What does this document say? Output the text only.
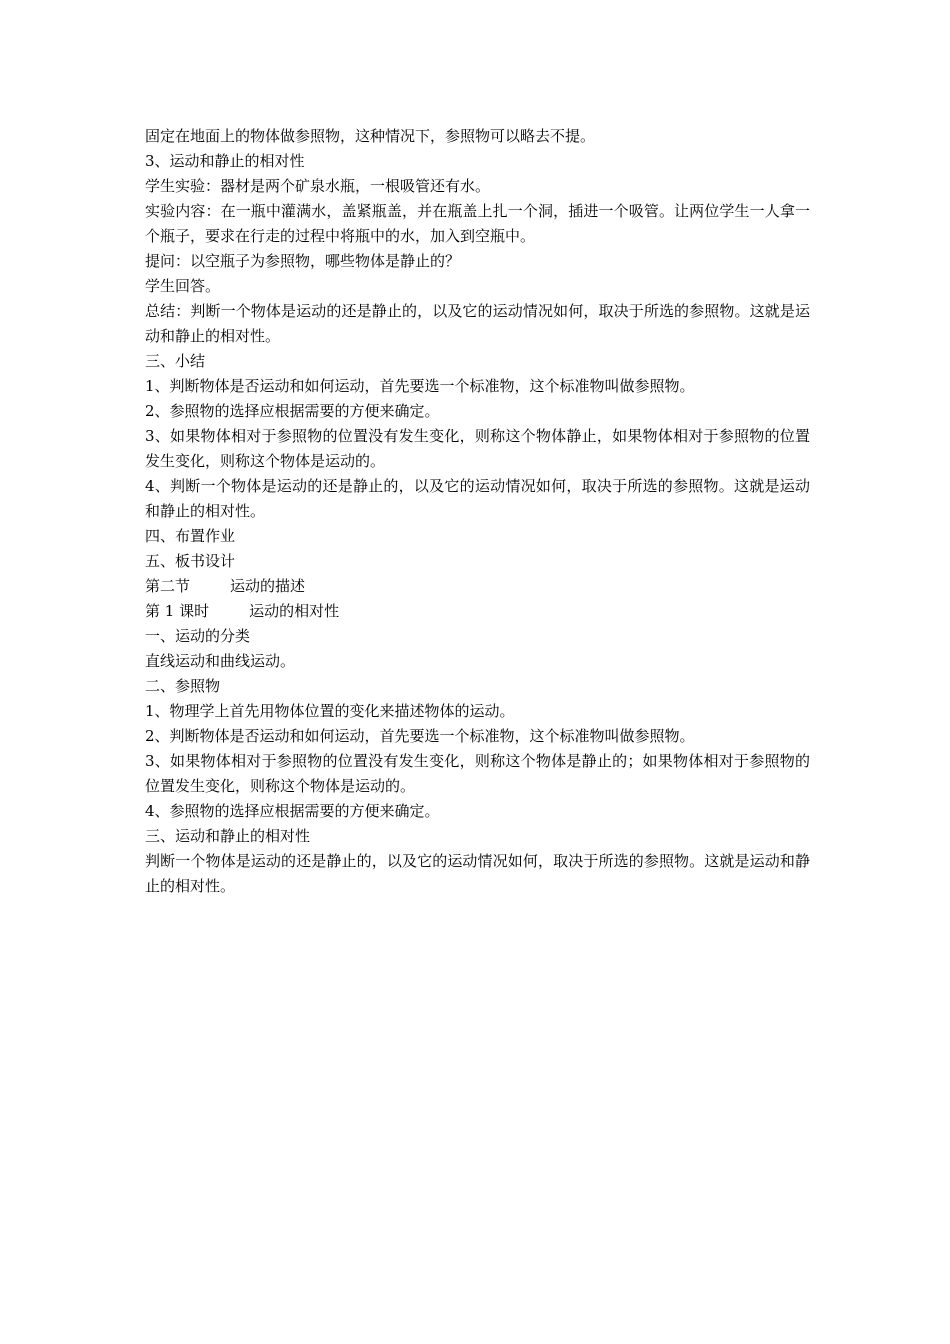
固定在地面上的物体做参照物，这种情况下，参照物可以略去不提。

3、运动和静止的相对性

学生实验：器材是两个矿泉水瓶，一根吸管还有水。

实验内容：在一瓶中灌满水，盖紧瓶盖，并在瓶盖上扎一个洞，插进一个吸管。让两位学生一人拿一个瓶子，要求在行走的过程中将瓶中的水，加入到空瓶中。

提问：以空瓶子为参照物，哪些物体是静止的？

学生回答。

总结：判断一个物体是运动的还是静止的，以及它的运动情况如何，取决于所选的参照物。这就是运动和静止的相对性。

三、小结

1、判断物体是否运动和如何运动，首先要选一个标准物，这个标准物叫做参照物。

2、参照物的选择应根据需要的方便来确定。

3、如果物体相对于参照物的位置没有发生变化，则称这个物体静止，如果物体相对于参照物的位置发生变化，则称这个物体是运动的。

4、判断一个物体是运动的还是静止的，以及它的运动情况如何，取决于所选的参照物。这就是运动和静止的相对性。

四、布置作业

五、板书设计

第二节	运动的描述

第 1 课时	运动的相对性

一、运动的分类

直线运动和曲线运动。

二、参照物

1、物理学上首先用物体位置的变化来描述物体的运动。

2、判断物体是否运动和如何运动，首先要选一个标准物，这个标准物叫做参照物。

3、如果物体相对于参照物的位置没有发生变化，则称这个物体是静止的；如果物体相对于参照物的位置发生变化，则称这个物体是运动的。

4、参照物的选择应根据需要的方便来确定。

三、运动和静止的相对性

判断一个物体是运动的还是静止的，以及它的运动情况如何，取决于所选的参照物。这就是运动和静止的相对性。
